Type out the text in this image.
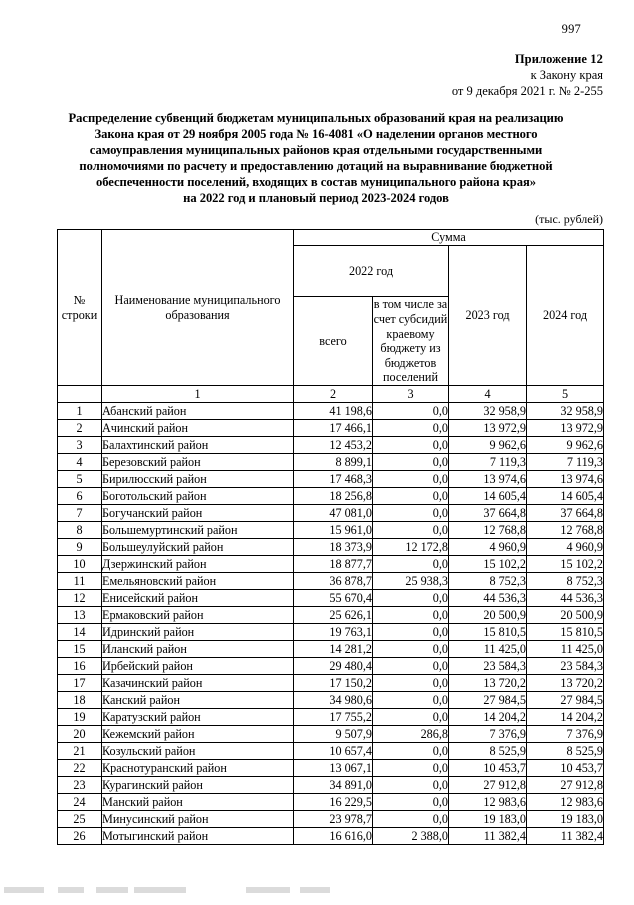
997
Приложение 12
к Закону края
от 9 декабря 2021 г. № 2-255
Распределение субвенций бюджетам муниципальных образований края на реализацию
Закона края от 29 ноября 2005 года № 16-4081 «О наделении органов местного
самоуправления муниципальных районов края отдельными государственными
полномочиями по расчету и предоставлению дотаций на выравнивание бюджетной
обеспеченности поселений, входящих в состав муниципального района края»
на 2022 год и плановый период 2023-2024 годов
(тыс. рублей)
№ строки	Наименование муниципального образования	Сумма			
		2022 год		2023 год	2024 год
		всего	в том числе за счет субсидий краевому бюджету из бюджетов поселений		
	1	2	3	4	5
1	Абанский район	41 198,6	0,0	32 958,9	32 958,9
2	Ачинский район	17 466,1	0,0	13 972,9	13 972,9
3	Балахтинский район	12 453,2	0,0	9 962,6	9 962,6
4	Березовский район	8 899,1	0,0	7 119,3	7 119,3
5	Бирилюсский район	17 468,3	0,0	13 974,6	13 974,6
6	Боготольский район	18 256,8	0,0	14 605,4	14 605,4
7	Богучанский район	47 081,0	0,0	37 664,8	37 664,8
8	Большемуртинский район	15 961,0	0,0	12 768,8	12 768,8
9	Большеулуйский район	18 373,9	12 172,8	4 960,9	4 960,9
10	Дзержинский район	18 877,7	0,0	15 102,2	15 102,2
11	Емельяновский район	36 878,7	25 938,3	8 752,3	8 752,3
12	Енисейский район	55 670,4	0,0	44 536,3	44 536,3
13	Ермаковский район	25 626,1	0,0	20 500,9	20 500,9
14	Идринский район	19 763,1	0,0	15 810,5	15 810,5
15	Иланский район	14 281,2	0,0	11 425,0	11 425,0
16	Ирбейский район	29 480,4	0,0	23 584,3	23 584,3
17	Казачинский район	17 150,2	0,0	13 720,2	13 720,2
18	Канский район	34 980,6	0,0	27 984,5	27 984,5
19	Каратузский район	17 755,2	0,0	14 204,2	14 204,2
20	Кежемский район	9 507,9	286,8	7 376,9	7 376,9
21	Козульский район	10 657,4	0,0	8 525,9	8 525,9
22	Краснотуранский район	13 067,1	0,0	10 453,7	10 453,7
23	Курагинский район	34 891,0	0,0	27 912,8	27 912,8
24	Манский район	16 229,5	0,0	12 983,6	12 983,6
25	Минусинский район	23 978,7	0,0	19 183,0	19 183,0
26	Мотыгинский район	16 616,0	2 388,0	11 382,4	11 382,4
